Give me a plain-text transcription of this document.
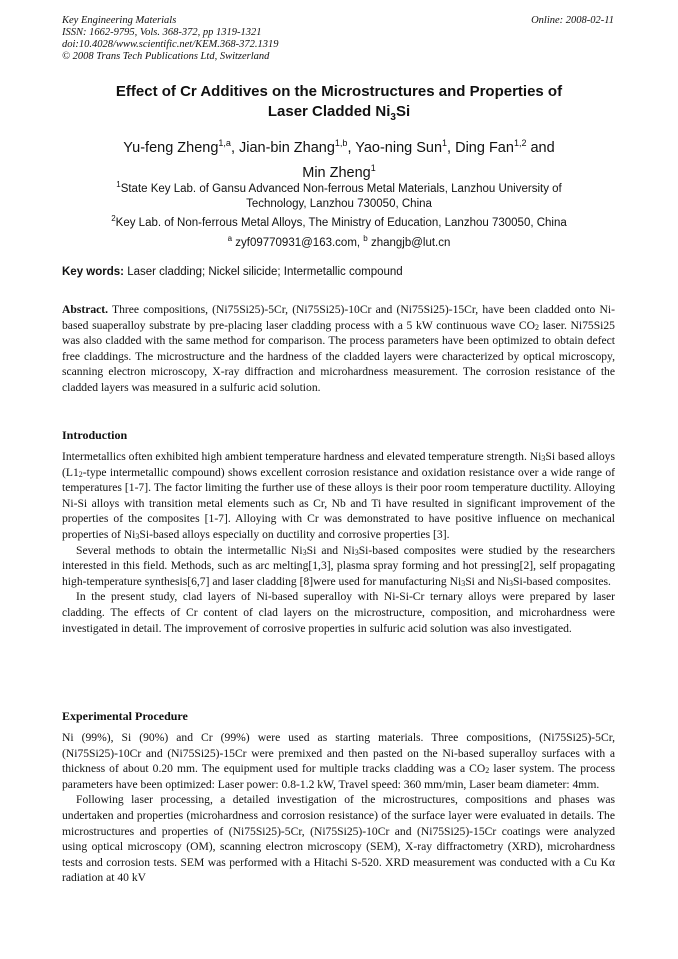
Key Engineering Materials
ISSN: 1662-9795, Vols. 368-372, pp 1319-1321
doi:10.4028/www.scientific.net/KEM.368-372.1319
© 2008 Trans Tech Publications Ltd, Switzerland
Online: 2008-02-11
Effect of Cr Additives on the Microstructures and Properties of
Laser Cladded $Ni_3Si$
Yu-feng Zheng$^{1,a}$, Jian-bin Zhang$^{1,b}$, Yao-ning Sun$^1$, Ding Fan$^{1,2}$ and
Min Zheng$^1$
$^1$State Key Lab. of Gansu Advanced Non-ferrous Metal Materials, Lanzhou University of
Technology, Lanzhou 730050, China
$^2$Key Lab. of Non-ferrous Metal Alloys, The Ministry of Education, Lanzhou 730050, China
$^a$ zyf09770931@163.com, $^b$ zhangjb@lut.cn
Key words: Laser cladding; Nickel silicide; Intermetallic compound

Abstract. Three compositions, (Ni75Si25)-5Cr, (Ni75Si25)-10Cr and (Ni75Si25)-15Cr, have been cladded onto Ni-based suaperalloy substrate by pre-placing laser cladding process with a 5 kW continuous wave $CO_2$ laser. Ni75Si25 was also cladded with the same method for comparison. The process parameters have been optimized to obtain defect free claddings. The microstructure and the hardness of the cladded layers were characterized by optical microscopy, scanning electron microscopy, X-ray diffraction and microhardness measurement. The corrosion resistance of the cladded layers was measured in a sulfuric acid solution.

Introduction

Intermetallics often exhibited high ambient temperature hardness and elevated temperature strength. $Ni_3Si$ based alloys ($L1_2$-type intermetallic compound) shows excellent corrosion resistance and oxidation resistance over a wide range of temperatures [1-7]. The factor limiting the further use of these alloys is their poor room temperature ductility. Alloying Ni-Si alloys with transition metal elements such as Cr, Nb and Ti have resulted in significant improvement of the properties of the composites [1-7]. Alloying with Cr was demonstrated to have positive influence on mechanical properties of $Ni_3Si$-based alloys especially on ductility and corrosive properties [3].

Several methods to obtain the intermetallic $Ni_3Si$ and $Ni_3Si$-based composites were studied by the researchers interested in this field. Methods, such as arc melting[1,3], plasma spray forming and hot pressing[2], self propagating high-temperature synthesis[6,7] and laser cladding [8]were used for manufacturing $Ni_3Si$ and $Ni_3Si$-based composites.

In the present study, clad layers of Ni-based superalloy with Ni-Si-Cr ternary alloys were prepared by laser cladding. The effects of Cr content of clad layers on the microstructure, composition, and microhardness were investigated in detail. The improvement of corrosive properties in sulfuric acid solution was also investigated.

Experimental Procedure

Ni (99%), Si (90%) and Cr (99%) were used as starting materials. Three compositions, (Ni75Si25)-5Cr, (Ni75Si25)-10Cr and (Ni75Si25)-15Cr were premixed and then pasted on the Ni-based superalloy surfaces with a thickness of about 0.20 mm. The equipment used for multiple tracks cladding was a $CO_2$ laser system. The process parameters have been optimized: Laser power: 0.8-1.2 kW, Travel speed: 360 mm/min, Laser beam diameter: 4mm.

Following laser processing, a detailed investigation of the microstructures, compositions and phases was undertaken and properties (microhardness and corrosion resistance) of the surface layer were evaluated in details. The microstructures and properties of (Ni75Si25)-5Cr, (Ni75Si25)-10Cr and (Ni75Si25)-15Cr coatings were analyzed using optical microscopy (OM), scanning electron microscopy (SEM), X-ray diffractometry (XRD), microhardness tests and corrosion tests. SEM was performed with a Hitachi S-520. XRD measurement was conducted with a Cu Kα radiation at 40 kV
